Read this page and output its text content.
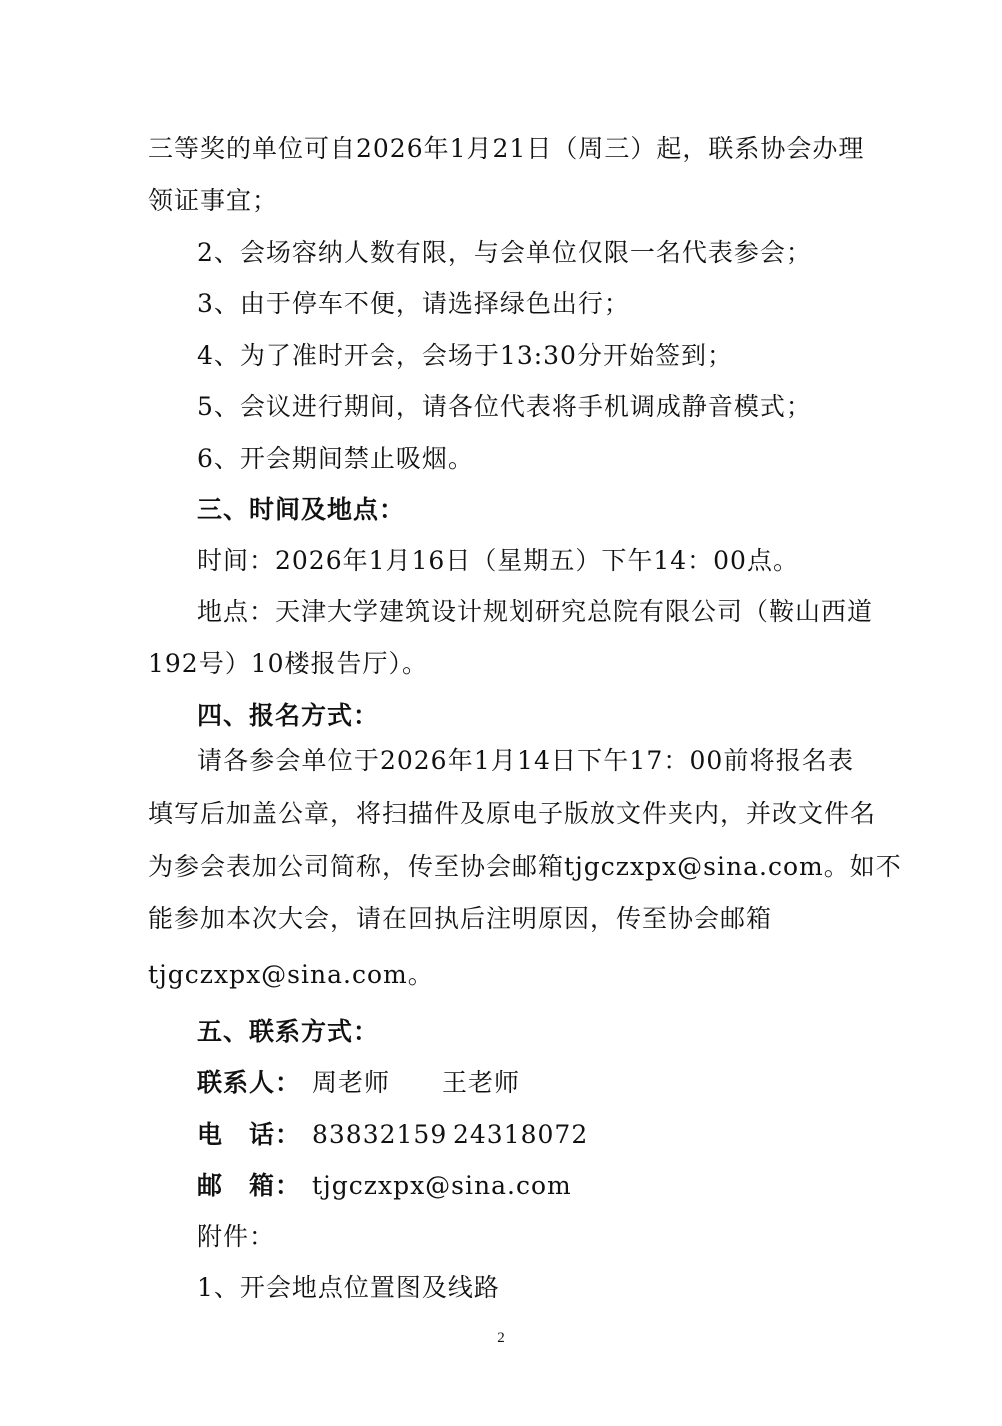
三等奖的单位可自2026年1月21日（周三）起，联系协会办理
领证事宜；
2、会场容纳人数有限，与会单位仅限一名代表参会；
3、由于停车不便，请选择绿色出行；
4、为了准时开会，会场于13:30分开始签到；
5、会议进行期间，请各位代表将手机调成静音模式；
6、开会期间禁止吸烟。
三、时间及地点：
时间：2026年1月16日（星期五）下午14：00点。
地点：天津大学建筑设计规划研究总院有限公司（鞍山西道
192号）10楼报告厅）。
四、报名方式：
请各参会单位于2026年1月14日下午17：00前将报名表
填写后加盖公章，将扫描件及原电子版放文件夹内，并改文件名
为参会表加公司简称，传至协会邮箱tjgczxpx@sina.com。如不
能参加本次大会，请在回执后注明原因，传至协会邮箱
tjgczxpx@sina.com。
五、联系方式：
联系人： 周老师 王老师
电　话： 83832159 24318072
邮　箱： tjgczxpx@sina.com
附件：
1、开会地点位置图及线路
2
